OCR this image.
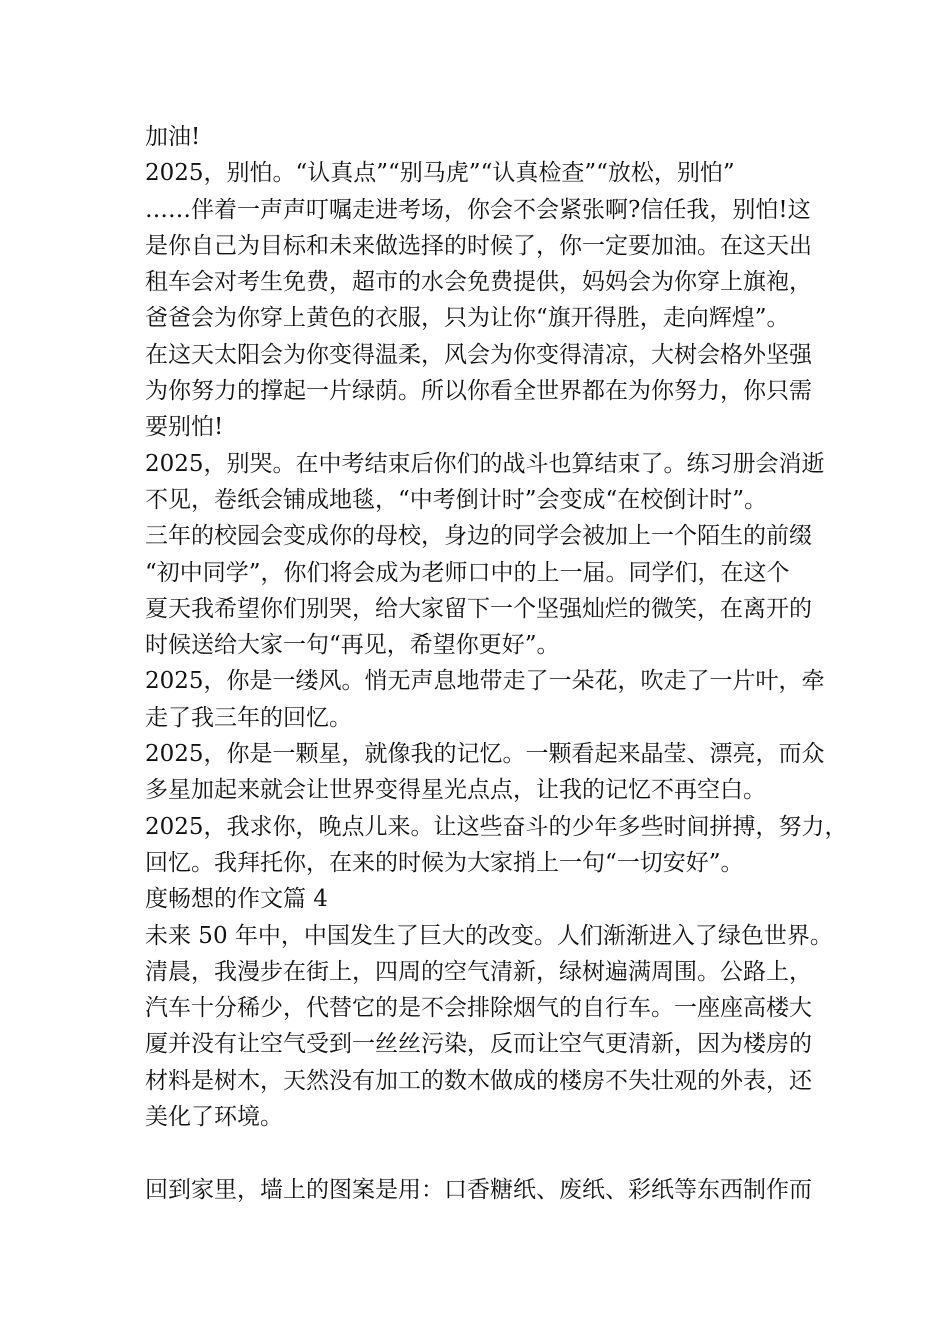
加油!
2025，别怕。“认真点”“别马虎”“认真检查”“放松，别怕”
……伴着一声声叮嘱走进考场，你会不会紧张啊?信任我，别怕!这
是你自己为目标和未来做选择的时候了，你一定要加油。在这天出
租车会对考生免费，超市的水会免费提供，妈妈会为你穿上旗袍，
爸爸会为你穿上黄色的衣服，只为让你“旗开得胜，走向辉煌”。
在这天太阳会为你变得温柔，风会为你变得清凉，大树会格外坚强
为你努力的撑起一片绿荫。所以你看全世界都在为你努力，你只需
要别怕!
2025，别哭。在中考结束后你们的战斗也算结束了。练习册会消逝
不见，卷纸会铺成地毯，“中考倒计时”会变成“在校倒计时”。
三年的校园会变成你的母校，身边的同学会被加上一个陌生的前缀
“初中同学”，你们将会成为老师口中的上一届。同学们，在这个
夏天我希望你们别哭，给大家留下一个坚强灿烂的微笑，在离开的
时候送给大家一句“再见，希望你更好”。
2025，你是一缕风。悄无声息地带走了一朵花，吹走了一片叶，牵
走了我三年的回忆。
2025，你是一颗星，就像我的记忆。一颗看起来晶莹、漂亮，而众
多星加起来就会让世界变得星光点点，让我的记忆不再空白。
2025，我求你，晚点儿来。让这些奋斗的少年多些时间拼搏，努力，
回忆。我拜托你，在来的时候为大家捎上一句“一切安好”。
度畅想的作文篇 4
未来 50 年中，中国发生了巨大的改变。人们渐渐进入了绿色世界。
清晨，我漫步在街上，四周的空气清新，绿树遍满周围。公路上，
汽车十分稀少，代替它的是不会排除烟气的自行车。一座座高楼大
厦并没有让空气受到一丝丝污染，反而让空气更清新，因为楼房的
材料是树木，天然没有加工的数木做成的楼房不失壮观的外表，还
美化了环境。
回到家里，墙上的图案是用：口香糖纸、废纸、彩纸等东西制作而
